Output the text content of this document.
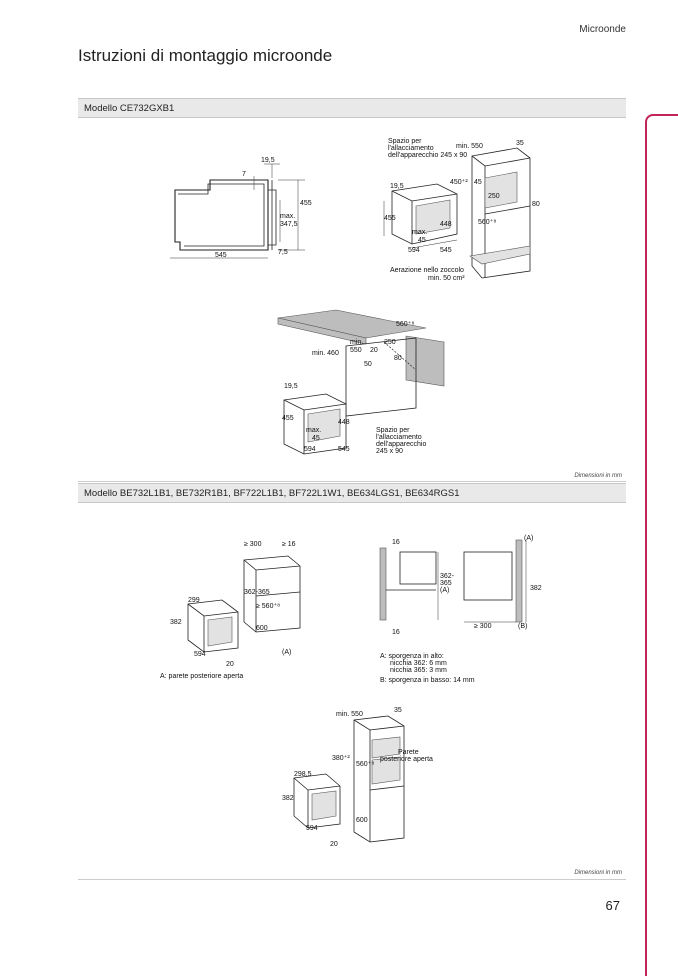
Microonde
Istruzioni di montaggio microonde
Modello CE732GXB1
19,5
7
455
max.
347,5
7,5
545
Spazio per
l'allacciamento
dell'apparecchio 245 x 90
min. 550	35
450⁺² 45
250
80
19,5
455
560⁺⁸
max.
448
45
594	545
Aerazione nello zoccolo
min. 50 cm²
560⁺⁸
min. 460
min.
550
250
20
50
80
19,5
455
max.
448
45
594	545
Spazio per
l'allacciamento
dell'apparecchio
245 x 90
Dimensioni in mm
Modello BE732L1B1, BE732R1B1, BF722L1B1, BF722L1W1, BE634LGS1, BE634RGS1
≥ 300	≥ 16
362-365
299
≥ 560⁺⁸
382
600
594
20
(A)
A: parete posteriore aperta
16
362-
365
(A)	382
16
≥ 300	(B)
(A)
A: sporgenza in alto:
nicchia 362: 6 mm
nicchia 365: 3 mm
B: sporgenza in basso: 14 mm
min. 550
35
380⁺²
560⁺⁸
Parete
posteriore aperta
298,5
382
594
600
20
Dimensioni in mm
67
